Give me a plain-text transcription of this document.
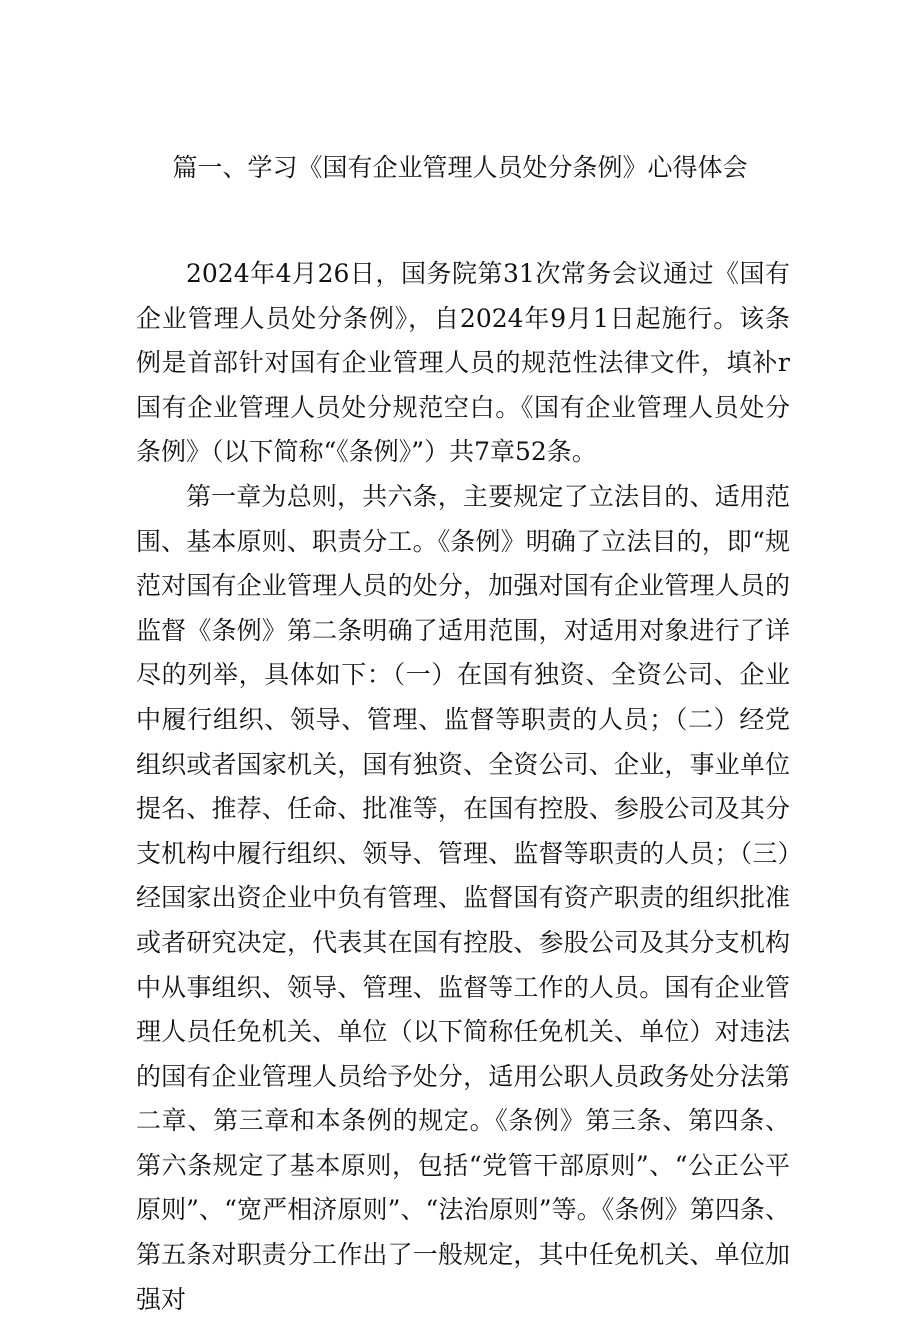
篇一、学习《国有企业管理人员处分条例》心得体会

2024年4月26日，国务院第31次常务会议通过《国有企业管理人员处分条例》，自2024年9月1日起施行。该条例是首部针对国有企业管理人员的规范性法律文件，填补r国有企业管理人员处分规范空白。《国有企业管理人员处分条例》（以下简称“《条例》”）共7章52条。

第一章为总则，共六条，主要规定了立法目的、适用范围、基本原则、职责分工。《条例》明确了立法目的，即“规范对国有企业管理人员的处分，加强对国有企业管理人员的监督《条例》第二条明确了适用范围，对适用对象进行了详尽的列举，具体如下：（一）在国有独资、全资公司、企业中履行组织、领导、管理、监督等职责的人员；（二）经党组织或者国家机关，国有独资、全资公司、企业，事业单位提名、推荐、任命、批准等，在国有控股、参股公司及其分支机构中履行组织、领导、管理、监督等职责的人员；（三）经国家出资企业中负有管理、监督国有资产职责的组织批准或者研究决定，代表其在国有控股、参股公司及其分支机构中从事组织、领导、管理、监督等工作的人员。国有企业管理人员任免机关、单位（以下简称任免机关、单位）对违法的国有企业管理人员给予处分，适用公职人员政务处分法第二章、第三章和本条例的规定。《条例》第三条、第四条、第六条规定了基本原则，包括“党管干部原则”、“公正公平原则”、“宽严相济原则”、“法治原则”等。《条例》第四条、第五条对职责分工作出了一般规定，其中任免机关、单位加强对
